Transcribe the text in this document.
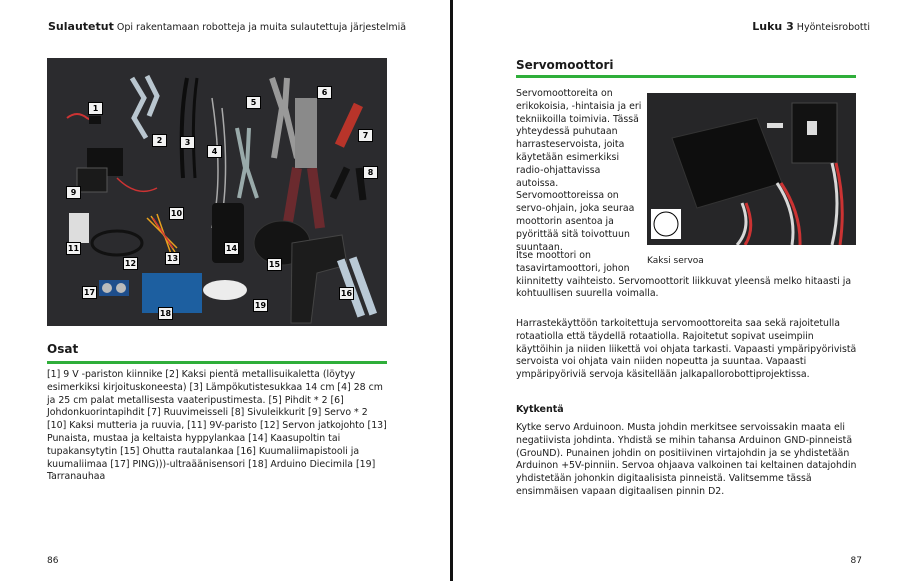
Sulautetut Opi rakentamaan robotteja ja muita sulautettuja järjestelmiä
1
2	3
4
5
6
7
8
9
10
11
12
13
14
15
16
17
18
19
Osat
[1] 9 V -pariston kiinnike [2] Kaksi pientä metallisuikaletta (löytyy esimerkiksi kirjoituskoneesta) [3] Lämpökutistesukkaa 14 cm [4] 28 cm ja 25 cm palat metallisesta vaateripustimesta. [5] Pihdit * 2 [6] Johdonkuorintapihdit [7] Ruuvimeisseli [8] Sivuleikkurit [9] Servo * 2 [10] Kaksi mutteria ja ruuvia, [11] 9V-paristo [12] Servon jatkojohto [13] Punaista, mustaa ja keltaista hyppylankaa [14] Kaasupoltin tai tupakansytytin [15] Ohutta rautalankaa [16] Kuumaliimapistooli ja kuumaliimaa [17] PING)))-ultraäänisensori [18] Arduino Diecimila [19] Tarranauhaa
86
Luku 3 Hyönteisrobotti
Servomoottori
Servomoottoreita on erikokoisia, -hintaisia ja eri tekniikoilla toimivia. Tässä yhteydessä puhutaan harrasteservoista, joita käytetään esimerkiksi radio-ohjattavissa autoissa. Servomoottoreissa on servo-ohjain, joka seuraa moottorin asentoa ja pyörittää sitä toivottuun suuntaan.
Kaksi servoa
Itse moottori on tasavirtamoottori, johon kiinnitetty vaihteisto. Servomoottorit liikkuvat yleensä melko hitaasti ja kohtuullisen suurella voimalla.
Harrastekäyttöön tarkoitettuja servomoottoreita saa sekä rajoitetulla rotaatiolla että täydellä rotaatiolla. Rajoitetut sopivat useimpiin käyttöihin ja niiden liikettä voi ohjata tarkasti. Vapaasti ympäripyörivistä servoista voi ohjata vain niiden nopeutta ja suuntaa. Vapaasti ympäripyöriviä servoja käsitellään jalkapallorobottiprojektissa.
Kytkentä
Kytke servo Arduinoon. Musta johdin merkitsee servoissakin maata eli negatiivista johdinta. Yhdistä se mihin tahansa Arduinon GND-pinneistä (GrouND). Punainen johdin on positiivinen virtajohdin ja se yhdistetään Arduinon +5V-pinniin. Servoa ohjaava valkoinen tai keltainen datajohdin yhdistetään johonkin digitaalisista pinneistä. Valitsemme tässä ensimmäisen vapaan digitaalisen pinnin D2.
87
